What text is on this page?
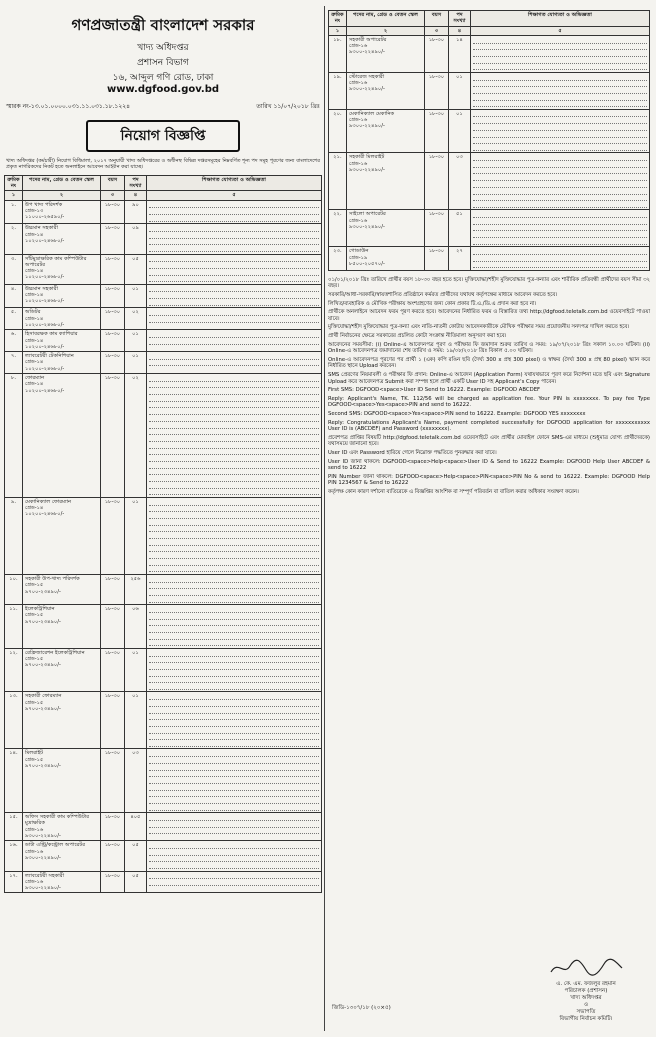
গণপ্রজাতন্ত্রী বাংলাদেশ সরকার
খাদ্য অধিদপ্তর
প্রশাসন বিভাগ
১৬, আব্দুল গণি রোড, ঢাকা
www.dgfood.gov.bd
স্মারক নং-১৩.০১.০০০০.০৩১.১১.০৩১.১৮.১২২৪	তারিখ ১১/০৭/২০১৮ খ্রিঃ
নিয়োগ বিজ্ঞপ্তি
খাদ্য অধিদপ্তর (কর্মচারী) নিয়োগ বিধিমালা, ২০১৭ অনুযায়ী খাদ্য অধিদপ্তরের ও অধীনস্থ বিভিন্ন দপ্তরসমূহের নিম্নবর্ণিত শূন্য পদ সমূহ পূরণের জন্য বাংলাদেশের প্রকৃত নাগরিকদের নিকট হতে অনলাইনে আবেদন আহ্বান করা যাচ্ছে।
ক্রমিক নং	পদের নাম, গ্রেড ও বেতন স্কেল	বয়স	পদ সংখ্যা	শিক্ষাগত যোগ্যতা ও অভিজ্ঞতা
১	২	৩	৪	৫
১.	উপ খাদ্য পরিদর্শক
গ্রেড-১৩
১১০০০-২৬৫৯০/-	১৮-৩০	৯০	

২.	উচ্চমান সহকারী
গ্রেড-১৪
১০২০০-২৪৬৮০/-	১৮-৩০	০৯	

৩.	সাঁটমুদ্রাক্ষরিক কাম কম্পিউটার অপারেটর
গ্রেড-১৪
১০২০০-২৪৬৮০/-	১৮-৩০	০৫	

৪.	উচ্চমান সহকারী
গ্রেড-১৪
১০২০০-২৪৬৮০/-	১৮-৩০	০১	

৫.	অডিটর
গ্রেড-১৪
১০২০০-২৪৬৮০/-	১৮-৩০	০২	

৬.	হিসাবরক্ষক কাম ক্যাশিয়ার
গ্রেড-১৪
১০২০০-২৪৬৮০/-	১৮-৩০	০১	

৭.	ল্যাবরেটরী টেকনিশিয়ান
গ্রেড-১৪
১০২০০-২৪৬৮০/-	১৮-৩০	০১	

৮.	ফোরম্যান
গ্রেড-১৪
১০২০০-২৪৬৮০/-	১৮-৩০	০২	

৯.	মেকানিক্যাল ফোরম্যান
গ্রেড-১৪
১০২০০-২৪৬৮০/-	১৮-৩০	০১	

১০.	সহকারী উপ-খাদ্য পরিদর্শক
গ্রেড-১৫
৯৭০০-২৩৪৯০/-	১৮-৩০	২৫৬	

১১.	ইলেকট্রিশিয়ান
গ্রেড-১৫
৯৭০০-২৩৪৯০/-	১৮-৩০	০৬	

১২.	রেফ্রিজারেশন ইলেকট্রিশিয়ান
গ্রেড-১৫
৯৭০০-২৩৪৯০/-	১৮-৩০	০১	

১৩.	সহকারী ফোরম্যান
গ্রেড-১৫
৯৭০০-২৩৪৯০/-	১৮-৩০	০১	

১৪.	মিলরাইট
গ্রেড-১৫
৯৭০০-২৩৪৯০/-	১৮-৩০	০৩	

১৫.	অফিস সহকারী কাম কম্পিউটার মুদ্রাক্ষরিক
গ্রেড-১৬
৯৩০০-২২৪৯০/-	১৮-৩০	৪০৫	

১৬.	ডাটা এন্ট্রি/কন্ট্রোল অপারেটর
গ্রেড-১৬
৯৩০০-২২৪৯০/-	১৮-৩০	০৫	

১৭.	ল্যাবরেটরী সহকারী
গ্রেড-১৬
৯৩০০-২২৪৯০/-	১৮-৩০	০৫	
ক্রমিক নং	পদের নাম, গ্রেড ও বেতন স্কেল	বয়স	পদ সংখ্যা	শিক্ষাগত যোগ্যতা ও অভিজ্ঞতা
১	২	৩	৪	৫
১৮.	সহকারী অপারেটর
গ্রেড-১৬
৯৩০০-২২৪৯০/-	১৮-৩০	১৪	

১৯.	স্টোরেজ সহকারী
গ্রেড-১৬
৯৩০০-২২৪৯০/-	১৮-৩০	০১	

২০.	মেকানিক্যাল মেকানিক
গ্রেড-১৬
৯৩০০-২২৪৯০/-	১৮-৩০	০১	

২১.	সহকারী মিলরাইট
গ্রেড-১৬
৯৩০০-২২৪৯০/-	১৮-৩০	০৩	

২২.	সাইলো অপারেটর
গ্রেড-১৬
৯৩০০-২২৪৯০/-	১৮-৩০	৫১	

২৩.	গোডাউন
গ্রেড-১৯
৮৫০০-২০৫৭০/-	১৮-৩০	২৭	

০১/০১/২০১৮ খ্রিঃ তারিখে প্রার্থীর বয়স ১৮-৩০ বছর হতে হবে। মুক্তিযোদ্ধা/শহীদ মুক্তিযোদ্ধার পুত্র-কন্যার এবং শারীরিক প্রতিবন্ধী প্রার্থীদের বয়স সীমা ৩২ বছর।

সরকারি/আধা-সরকারি/স্বায়ত্তশাসিত প্রতিষ্ঠানে কর্মরত প্রার্থীদের যথাযথ কর্তৃপক্ষের মাধ্যমে আবেদন করতে হবে।

লিখিত/ব্যবহারিক ও মৌখিক পরীক্ষায় অংশগ্রহণের জন্য কোন প্রকার টি.এ./ডি.এ প্রদান করা হবে না।

প্রার্থীকে অনলাইনে আবেদন ফরম পূরণ করতে হবে। আবেদনের নির্ধারিত ফরম ও বিস্তারিত তথ্য http://dgfood.teletalk.com.bd ওয়েবসাইটে পাওয়া যাবে।

মুক্তিযোদ্ধা/শহীদ মুক্তিযোদ্ধার পুত্র-কন্যা এবং নাতি-নাতনী কোটায় আবেদনকারীকে মৌখিক পরীক্ষার সময় প্রয়োজনীয় সনদপত্র দাখিল করতে হবে।

প্রার্থী নির্বাচনের ক্ষেত্রে সরকারের প্রচলিত কোটা সংক্রান্ত নীতিমালা অনুসরণ করা হবে।

আবেদনের সময়সীমা: (i) Online-এ আবেদনপত্র পূরণ ও পরীক্ষার ফি জমাদান শুরুর তারিখ ও সময়: ১৯/০৭/২০১৮ খ্রিঃ সকাল ১০.০০ ঘটিকা। (ii) Online-এ আবেদনপত্র জমাদানের শেষ তারিখ ও সময়: ১৯/০৮/২০১৮ খ্রিঃ বিকাল ৫.০০ ঘটিকা।

Online-এ আবেদনপত্র পূরণের পর প্রার্থী ১ (এক) কপি রঙিন ছবি (দৈর্ঘ্য 300 x প্রস্থ 300 pixel) ও স্বাক্ষর (দৈর্ঘ্য 300 x প্রস্থ 80 pixel) স্ক্যান করে নির্ধারিত স্থানে Upload করবেন।

SMS প্রেরণের নিয়মাবলী ও পরীক্ষার ফি প্রদান: Online-এ আবেদন (Application Form) যথাযথভাবে পূরণ করে নির্দেশনা মতে ছবি এবং Signature Upload করে আবেদনপত্র Submit করা সম্পন্ন হলে প্রার্থী একটি User ID সহ Applicant's Copy পাবেন।

First SMS: DGFOOD<space>User ID Send to 16222. Example: DGFOOD ABCDEF

Reply: Applicant's Name, TK. 112/56 will be charged as application fee. Your PIN is xxxxxxxx. To pay fee Type DGFOOD<space>Yes<space>PIN and send to 16222.

Second SMS: DGFOOD<space>Yes<space>PIN send to 16222. Example: DGFOOD YES xxxxxxxx

Reply: Congratulations Applicant's Name, payment completed successfully for DGFOOD application for xxxxxxxxxxx User ID is (ABCDEF) and Password (xxxxxxxx).

প্রবেশপত্র প্রাপ্তির বিষয়টি http://dgfood.teletalk.com.bd ওয়েবসাইটে এবং প্রার্থীর মোবাইল ফোনে SMS-এর মাধ্যমে (শুধুমাত্র যোগ্য প্রার্থীদেরকে) যথাসময়ে জানানো হবে।

User ID এবং Password হারিয়ে গেলে নিম্নোক্ত পদ্ধতিতে পুনরুদ্ধার করা যাবে।

User ID জানা থাকলে: DGFOOD<space>Help<space>User ID & Send to 16222 Example: DGFOOD Help User ABCDEF & send to 16222

PIN Number জানা থাকলে: DGFOOD<space>Help<space>PIN<space>PIN No & send to 16222. Example: DGFOOD Help PIN 1234567 & Send to 16222

কর্তৃপক্ষ কোন কারণ দর্শানো ব্যতিরেকে এ বিজ্ঞপ্তির আংশিক বা সম্পূর্ণ পরিবর্তন বা বাতিল করার অধিকার সংরক্ষণ করেন।

জিডি-১৩০৭/১৮ (২০×৫)
এ. কে. এম. ফজলুর রহমান
পরিচালক (প্রশাসন)
খাদ্য অধিদপ্তর
ও
সভাপতি
বিভাগীয় নির্বাচন কমিটি।
